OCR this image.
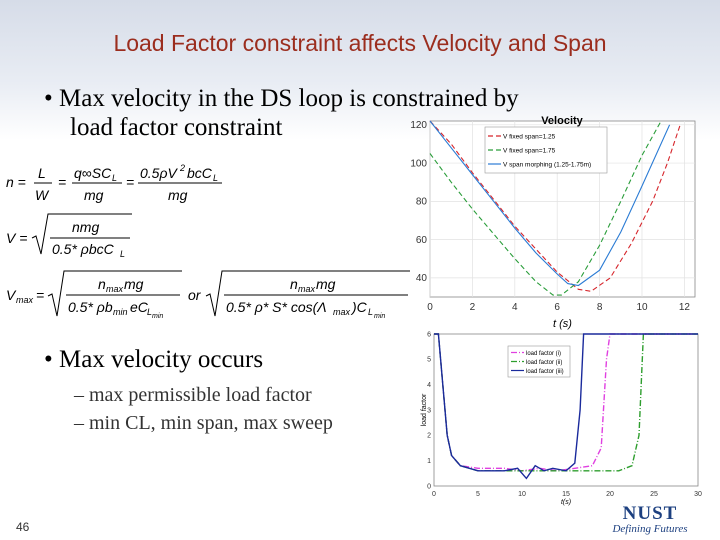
Load Factor constraint affects Velocity and Span
• Max velocity in the DS loop is constrained by
load factor constraint
n =
L
W
=
q∞SC L
mg
=
0.5ρV 2 bcC L
mg
V =
nmg
0.5* ρbcC L
V max =
n max mg
0.5* ρb min eC L min
or
n max mg
0.5* ρ* S* cos(Λ max )C L min
0	2	4	6	8	10	12
40
60
80
100
120	Velocity
t (s)
V fixed span=1.25
V fixed span=1.75
V span morphing (1.25-1.75m)
• Max velocity occurs
– max permissible load factor
– min CL, min span, max sweep
0	5	10	15	20	25	30
0
1
2
3
4
5
6
t(s)
load factor
load factor (i)
load factor (ii)
load factor (iii)
46
NUST
Defining Futures
